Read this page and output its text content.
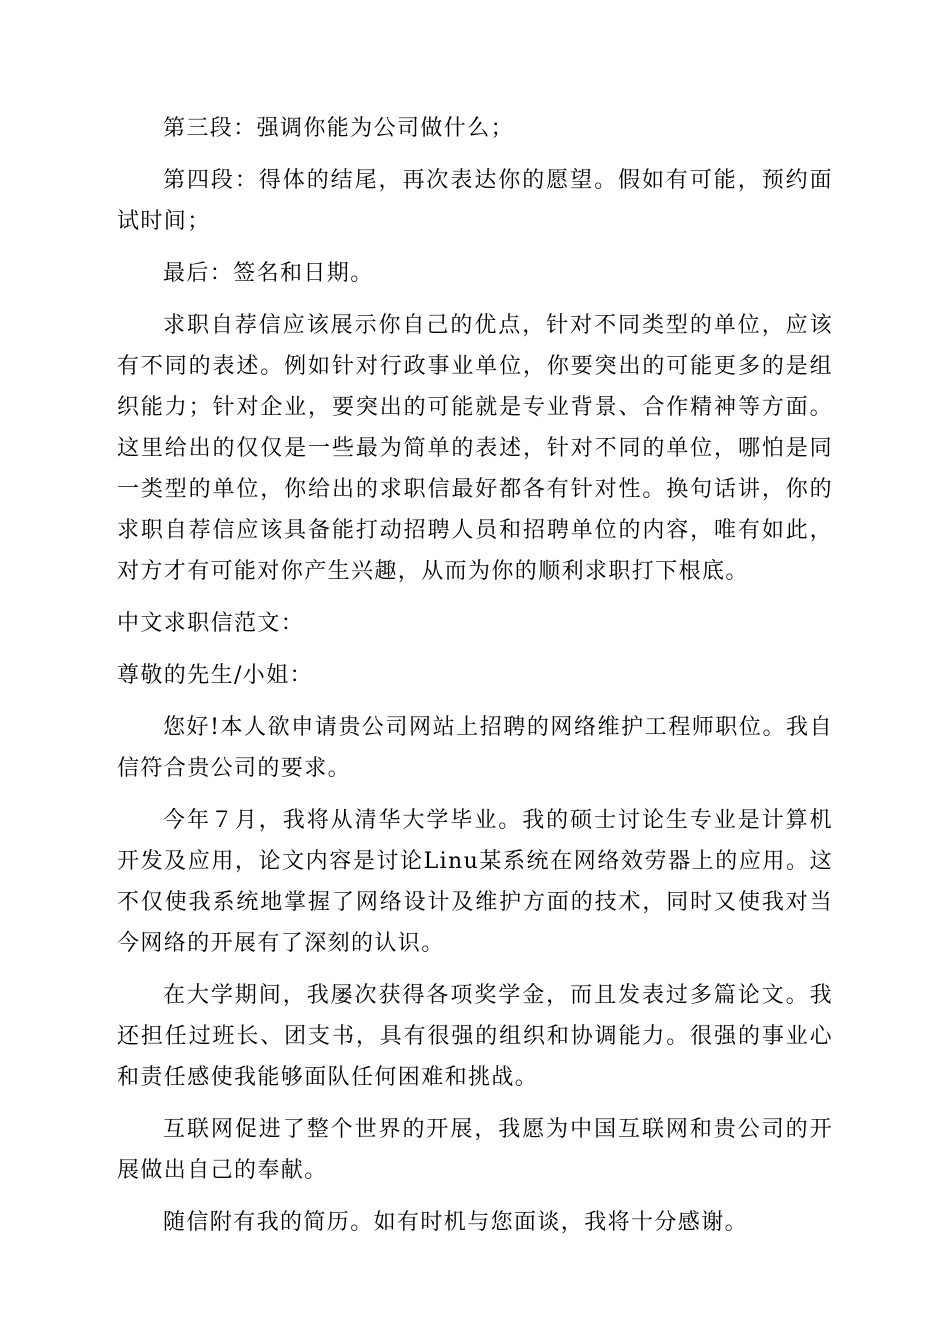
第三段：强调你能为公司做什么；

第四段：得体的结尾，再次表达你的愿望。假如有可能，预约面试时间；

最后：签名和日期。

求职自荐信应该展示你自己的优点，针对不同类型的单位，应该有不同的表述。例如针对行政事业单位，你要突出的可能更多的是组织能力；针对企业，要突出的可能就是专业背景、合作精神等方面。这里给出的仅仅是一些最为简单的表述，针对不同的单位，哪怕是同一类型的单位，你给出的求职信最好都各有针对性。换句话讲，你的求职自荐信应该具备能打动招聘人员和招聘单位的内容，唯有如此，对方才有可能对你产生兴趣，从而为你的顺利求职打下根底。

中文求职信范文：

尊敬的先生/小姐：

您好!本人欲申请贵公司网站上招聘的网络维护工程师职位。我自信符合贵公司的要求。

今年７月，我将从清华大学毕业。我的硕士讨论生专业是计算机开发及应用，论文内容是讨论Linu某系统在网络效劳器上的应用。这不仅使我系统地掌握了网络设计及维护方面的技术，同时又使我对当今网络的开展有了深刻的认识。

在大学期间，我屡次获得各项奖学金，而且发表过多篇论文。我还担任过班长、团支书，具有很强的组织和协调能力。很强的事业心和责任感使我能够面队任何困难和挑战。

互联网促进了整个世界的开展，我愿为中国互联网和贵公司的开展做出自己的奉献。

随信附有我的简历。如有时机与您面谈，我将十分感谢。
